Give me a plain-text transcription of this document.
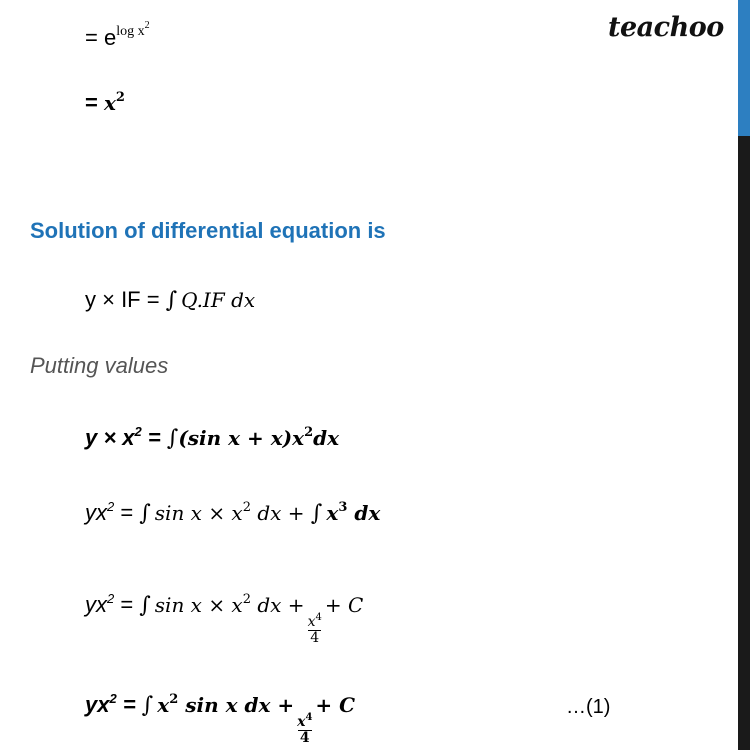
teachoo
= $e^{log x2}$
= $x^2$
Solution of differential equation is
y × IF = ∫ Q.IF dx
Putting values
$y \times x^2 = \int(\sin$ $x + x)x^2dx$
$yx^2$ = ∫ $\sin x \times x^2$ dx + ∫ $x^3$ dx
$yx^2$ = ∫ $\sin x \times x^2$ dx +
$\frac{x^4}{4}$
+ C
$yx^2$ = ∫ $x^2$ sin x dx +
$\frac{x^4}{4}$
+ C	…(1)
